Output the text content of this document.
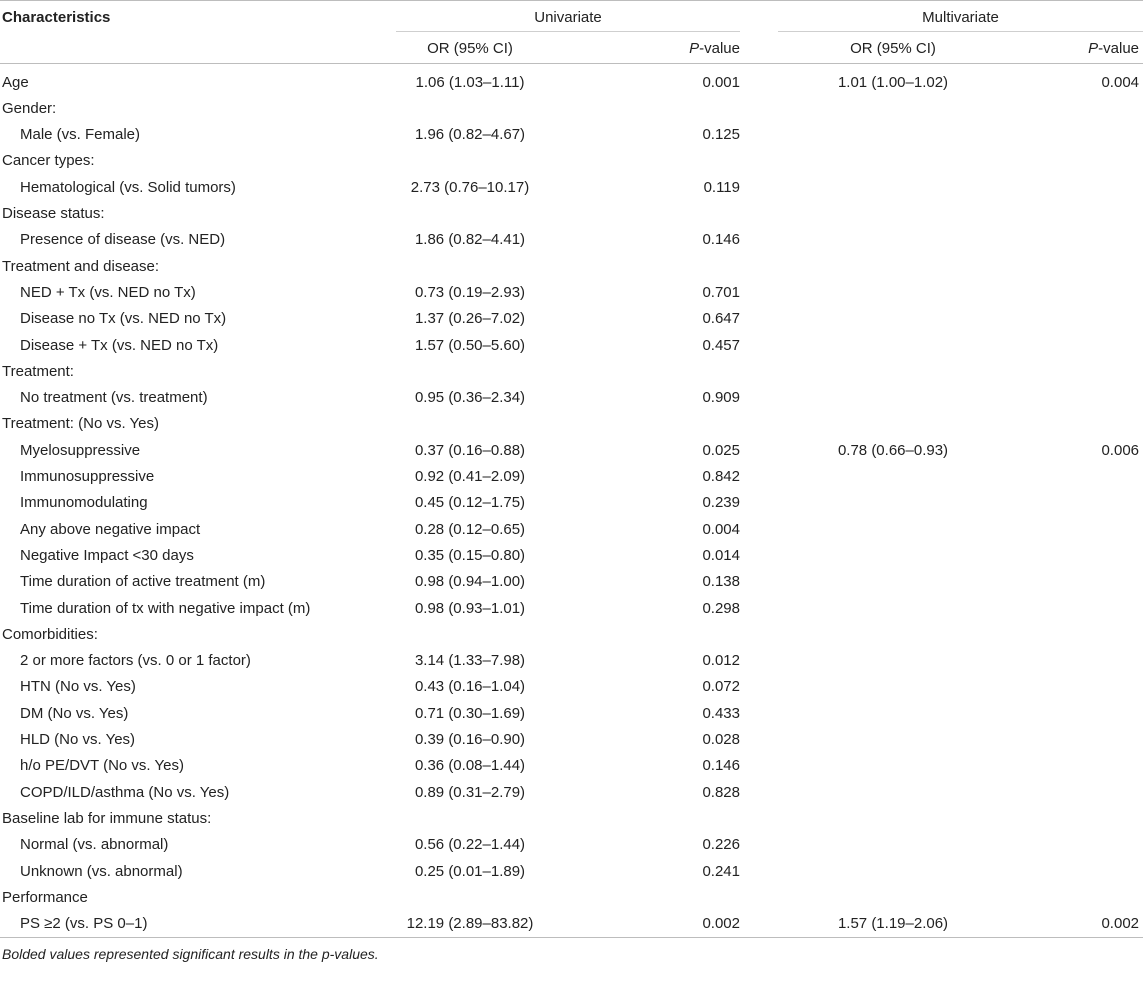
Characteristics	Univariate			Multivariate	
	OR (95% CI)	P-value		OR (95% CI)	P-value
Age	1.06 (1.03–1.11)	0.001		1.01 (1.00–1.02)	0.004
Gender:					
Male (vs. Female)	1.96 (0.82–4.67)	0.125			
Cancer types:					
Hematological (vs. Solid tumors)	2.73 (0.76–10.17)	0.119			
Disease status:					
Presence of disease (vs. NED)	1.86 (0.82–4.41)	0.146			
Treatment and disease:					
NED + Tx (vs. NED no Tx)	0.73 (0.19–2.93)	0.701			
Disease no Tx (vs. NED no Tx)	1.37 (0.26–7.02)	0.647			
Disease + Tx (vs. NED no Tx)	1.57 (0.50–5.60)	0.457			
Treatment:					
No treatment (vs. treatment)	0.95 (0.36–2.34)	0.909			
Treatment: (No vs. Yes)					
Myelosuppressive	0.37 (0.16–0.88)	0.025		0.78 (0.66–0.93)	0.006
Immunosuppressive	0.92 (0.41–2.09)	0.842			
Immunomodulating	0.45 (0.12–1.75)	0.239			
Any above negative impact	0.28 (0.12–0.65)	0.004			
Negative Impact <30 days	0.35 (0.15–0.80)	0.014			
Time duration of active treatment (m)	0.98 (0.94–1.00)	0.138			
Time duration of tx with negative impact (m)	0.98 (0.93–1.01)	0.298			
Comorbidities:					
2 or more factors (vs. 0 or 1 factor)	3.14 (1.33–7.98)	0.012			
HTN (No vs. Yes)	0.43 (0.16–1.04)	0.072			
DM (No vs. Yes)	0.71 (0.30–1.69)	0.433			
HLD (No vs. Yes)	0.39 (0.16–0.90)	0.028			
h/o PE/DVT (No vs. Yes)	0.36 (0.08–1.44)	0.146			
COPD/ILD/asthma (No vs. Yes)	0.89 (0.31–2.79)	0.828			
Baseline lab for immune status:					
Normal (vs. abnormal)	0.56 (0.22–1.44)	0.226			
Unknown (vs. abnormal)	0.25 (0.01–1.89)	0.241			
Performance					
PS ≥2 (vs. PS 0–1)	12.19 (2.89–83.82)	0.002		1.57 (1.19–2.06)	0.002
Bolded values represented significant results in the p-values.
